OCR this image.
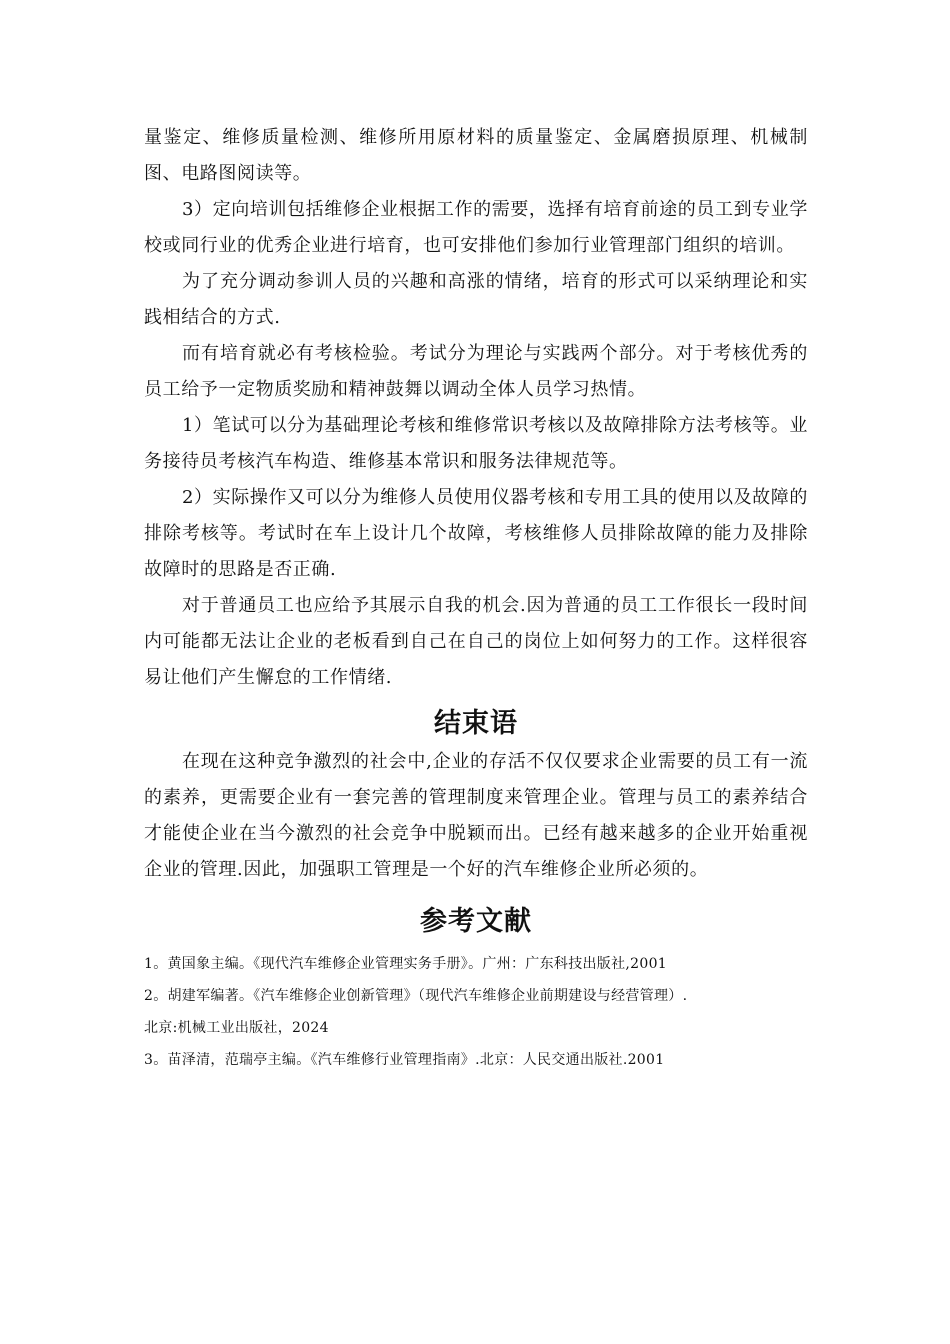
量鉴定、维修质量检测、维修所用原材料的质量鉴定、金属磨损原理、机械制图、电路图阅读等。

3）定向培训包括维修企业根据工作的需要，选择有培育前途的员工到专业学校或同行业的优秀企业进行培育，也可安排他们参加行业管理部门组织的培训。

为了充分调动参训人员的兴趣和高涨的情绪，培育的形式可以采纳理论和实践相结合的方式.

而有培育就必有考核检验。考试分为理论与实践两个部分。对于考核优秀的员工给予一定物质奖励和精神鼓舞以调动全体人员学习热情。

1）笔试可以分为基础理论考核和维修常识考核以及故障排除方法考核等。业务接待员考核汽车构造、维修基本常识和服务法律规范等。

2）实际操作又可以分为维修人员使用仪器考核和专用工具的使用以及故障的排除考核等。考试时在车上设计几个故障，考核维修人员排除故障的能力及排除故障时的思路是否正确.

对于普通员工也应给予其展示自我的机会.因为普通的员工工作很长一段时间内可能都无法让企业的老板看到自己在自己的岗位上如何努力的工作。这样很容易让他们产生懈怠的工作情绪.

结束语

在现在这种竞争激烈的社会中,企业的存活不仅仅要求企业需要的员工有一流的素养，更需要企业有一套完善的管理制度来管理企业。管理与员工的素养结合才能使企业在当今激烈的社会竞争中脱颖而出。已经有越来越多的企业开始重视企业的管理.因此，加强职工管理是一个好的汽车维修企业所必须的。

参考文献

1。黄国象主编。《现代汽车维修企业管理实务手册》。广州：广东科技出版社,2001

2。胡建军编著。《汽车维修企业创新管理》（现代汽车维修企业前期建设与经营管理）.

北京:机械工业出版社，2024

3。苗泽清，范瑞亭主编。《汽车维修行业管理指南》.北京：人民交通出版社.2001
